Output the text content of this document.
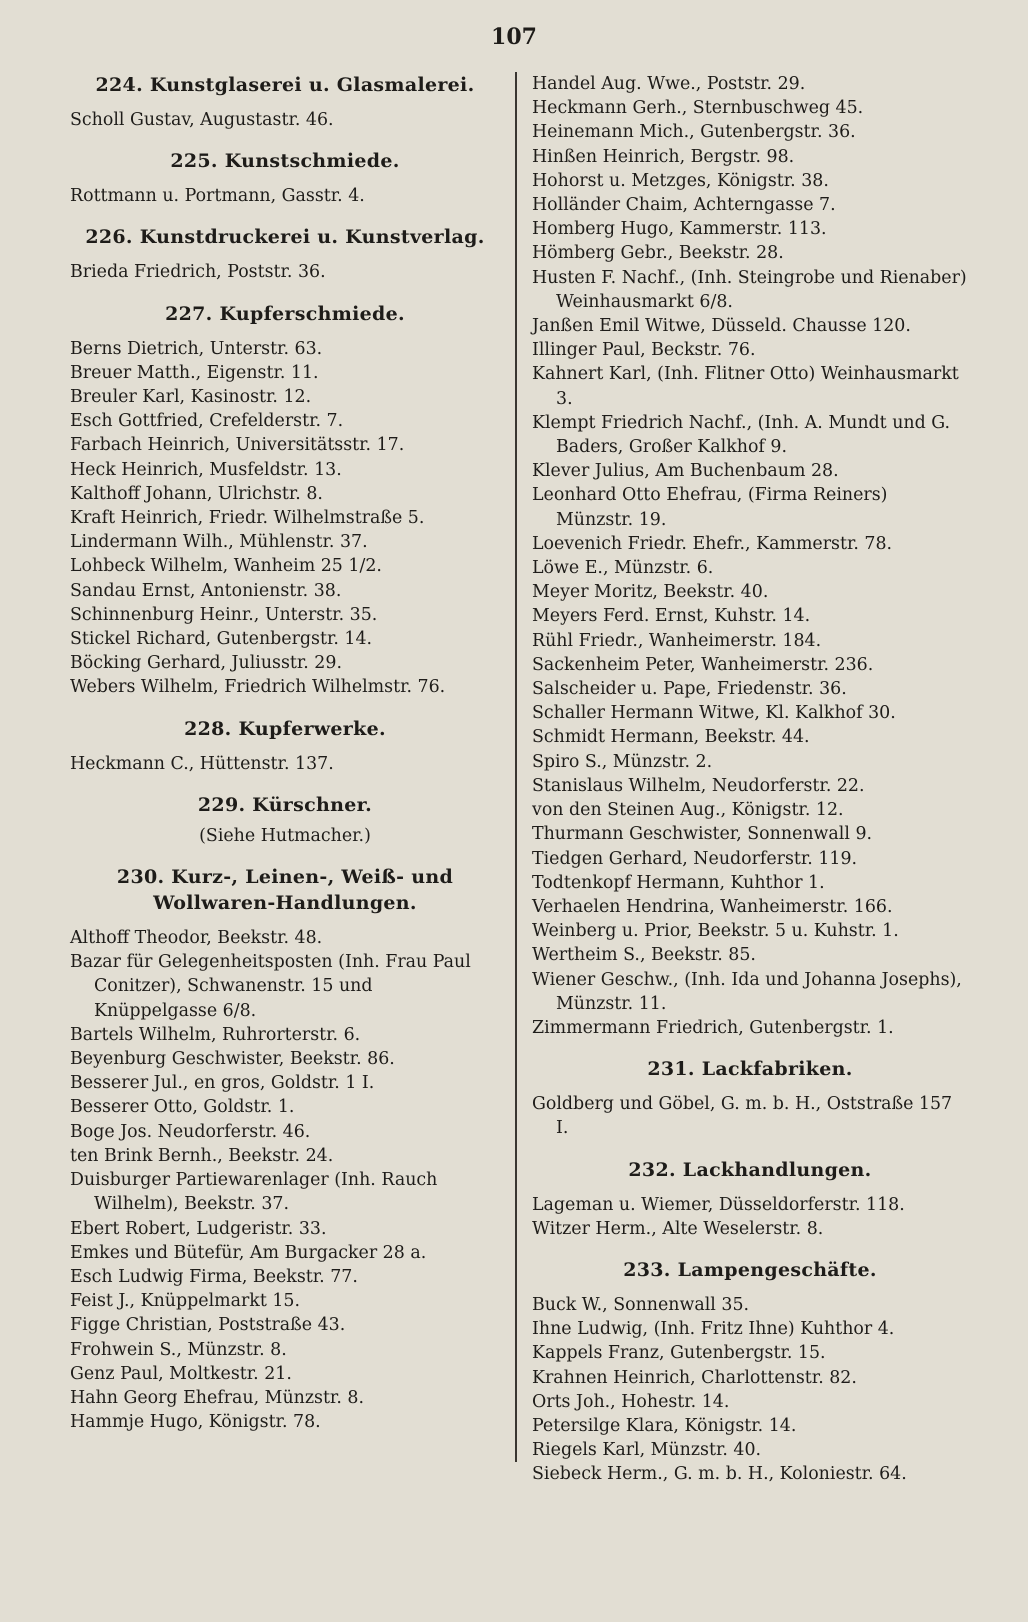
107
224. Kunstglaserei u. Glasmalerei.
Scholl Gustav, Augustastr. 46.
225. Kunstschmiede.
Rottmann u. Portmann, Gasstr. 4.
226. Kunstdruckerei u. Kunstverlag.
Brieda Friedrich, Poststr. 36.
227. Kupferschmiede.
Berns Dietrich, Unterstr. 63.
Breuer Matth., Eigenstr. 11.
Breuler Karl, Kasinostr. 12.
Esch Gottfried, Crefelderstr. 7.
Farbach Heinrich, Universitätsstr. 17.
Heck Heinrich, Musfeldstr. 13.
Kalthoff Johann, Ulrichstr. 8.
Kraft Heinrich, Friedr. Wilhelmstraße 5.
Lindermann Wilh., Mühlenstr. 37.
Lohbeck Wilhelm, Wanheim 25 1/2.
Sandau Ernst, Antonienstr. 38.
Schinnenburg Heinr., Unterstr. 35.
Stickel Richard, Gutenbergstr. 14.
Böcking Gerhard, Juliusstr. 29.
Webers Wilhelm, Friedrich Wilhelmstr. 76.
228. Kupferwerke.
Heckmann C., Hüttenstr. 137.
229. Kürschner.
(Siehe Hutmacher.)
230. Kurz-, Leinen-, Weiß- und Wollwaren-Handlungen.
Althoff Theodor, Beekstr. 48.
Bazar für Gelegenheitsposten (Inh. Frau Paul Conitzer), Schwanenstr. 15 und Knüppelgasse 6/8.
Bartels Wilhelm, Ruhrorterstr. 6.
Beyenburg Geschwister, Beekstr. 86.
Besserer Jul., en gros, Goldstr. 1 I.
Besserer Otto, Goldstr. 1.
Boge Jos. Neudorferstr. 46.
ten Brink Bernh., Beekstr. 24.
Duisburger Partiewarenlager (Inh. Rauch Wilhelm), Beekstr. 37.
Ebert Robert, Ludgeristr. 33.
Emkes und Bütefür, Am Burgacker 28 a.
Esch Ludwig Firma, Beekstr. 77.
Feist J., Knüppelmarkt 15.
Figge Christian, Poststraße 43.
Frohwein S., Münzstr. 8.
Genz Paul, Moltkestr. 21.
Hahn Georg Ehefrau, Münzstr. 8.
Hammje Hugo, Königstr. 78.
Handel Aug. Wwe., Poststr. 29.
Heckmann Gerh., Sternbuschweg 45.
Heinemann Mich., Gutenbergstr. 36.
Hinßen Heinrich, Bergstr. 98.
Hohorst u. Metzges, Königstr. 38.
Holländer Chaim, Achterngasse 7.
Homberg Hugo, Kammerstr. 113.
Hömberg Gebr., Beekstr. 28.
Husten F. Nachf., (Inh. Steingrobe und Rienaber) Weinhausmarkt 6/8.
Janßen Emil Witwe, Düsseld. Chausse 120.
Illinger Paul, Beckstr. 76.
Kahnert Karl, (Inh. Flitner Otto) Weinhausmarkt 3.
Klempt Friedrich Nachf., (Inh. A. Mundt und G. Baders, Großer Kalkhof 9.
Klever Julius, Am Buchenbaum 28.
Leonhard Otto Ehefrau, (Firma Reiners) Münzstr. 19.
Loevenich Friedr. Ehefr., Kammerstr. 78.
Löwe E., Münzstr. 6.
Meyer Moritz, Beekstr. 40.
Meyers Ferd. Ernst, Kuhstr. 14.
Rühl Friedr., Wanheimerstr. 184.
Sackenheim Peter, Wanheimerstr. 236.
Salscheider u. Pape, Friedenstr. 36.
Schaller Hermann Witwe, Kl. Kalkhof 30.
Schmidt Hermann, Beekstr. 44.
Spiro S., Münzstr. 2.
Stanislaus Wilhelm, Neudorferstr. 22.
von den Steinen Aug., Königstr. 12.
Thurmann Geschwister, Sonnenwall 9.
Tiedgen Gerhard, Neudorferstr. 119.
Todtenkopf Hermann, Kuhthor 1.
Verhaelen Hendrina, Wanheimerstr. 166.
Weinberg u. Prior, Beekstr. 5 u. Kuhstr. 1.
Wertheim S., Beekstr. 85.
Wiener Geschw., (Inh. Ida und Johanna Josephs), Münzstr. 11.
Zimmermann Friedrich, Gutenbergstr. 1.
231. Lackfabriken.
Goldberg und Göbel, G. m. b. H., Oststraße 157 I.
232. Lackhandlungen.
Lageman u. Wiemer, Düsseldorferstr. 118.
Witzer Herm., Alte Weselerstr. 8.
233. Lampengeschäfte.
Buck W., Sonnenwall 35.
Ihne Ludwig, (Inh. Fritz Ihne) Kuhthor 4.
Kappels Franz, Gutenbergstr. 15.
Krahnen Heinrich, Charlottenstr. 82.
Orts Joh., Hohestr. 14.
Petersilge Klara, Königstr. 14.
Riegels Karl, Münzstr. 40.
Siebeck Herm., G. m. b. H., Koloniestr. 64.
